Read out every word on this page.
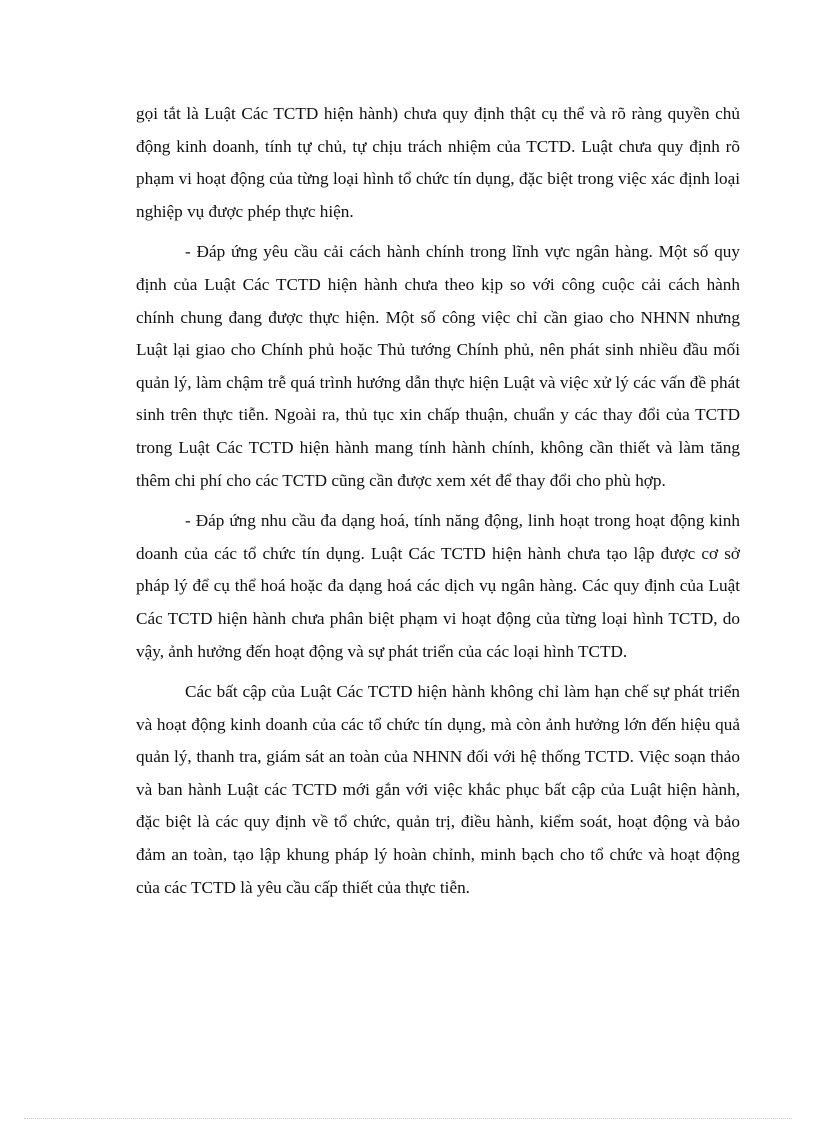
gọi tắt là Luật Các TCTD hiện hành) chưa quy định thật cụ thể và rõ ràng quyền chủ động kinh doanh, tính tự chủ, tự chịu trách nhiệm của TCTD. Luật chưa quy định rõ phạm vi hoạt động của từng loại hình tổ chức tín dụng, đặc biệt trong việc xác định loại nghiệp vụ được phép thực hiện.

- Đáp ứng yêu cầu cải cách hành chính trong lĩnh vực ngân hàng. Một số quy định của Luật Các TCTD hiện hành chưa theo kịp so với công cuộc cải cách hành chính chung đang được thực hiện. Một số công việc chỉ cần giao cho NHNN nhưng Luật lại giao cho Chính phủ hoặc Thủ tướng Chính phủ, nên phát sinh nhiều đầu mối quản lý, làm chậm trễ quá trình hướng dẫn thực hiện Luật và việc xử lý các vấn đề phát sinh trên thực tiễn. Ngoài ra, thủ tục xin chấp thuận, chuẩn y các thay đổi của TCTD trong Luật Các TCTD hiện hành mang tính hành chính, không cần thiết và làm tăng thêm chi phí cho các TCTD cũng cần được xem xét để thay đổi cho phù hợp.

- Đáp ứng nhu cầu đa dạng hoá, tính năng động, linh hoạt trong hoạt động kinh doanh của các tổ chức tín dụng. Luật Các TCTD hiện hành chưa tạo lập được cơ sở pháp lý để cụ thể hoá hoặc đa dạng hoá các dịch vụ ngân hàng. Các quy định của Luật Các TCTD hiện hành chưa phân biệt phạm vi hoạt động của từng loại hình TCTD, do vậy, ảnh hưởng đến hoạt động và sự phát triển của các loại hình TCTD.

Các bất cập của Luật Các TCTD hiện hành không chỉ làm hạn chế sự phát triển và hoạt động kinh doanh của các tổ chức tín dụng, mà còn ảnh hưởng lớn đến hiệu quả quản lý, thanh tra, giám sát an toàn của NHNN đối với hệ thống TCTD. Việc soạn thảo và ban hành Luật các TCTD mới gắn với việc khắc phục bất cập của Luật hiện hành, đặc biệt là các quy định về tổ chức, quản trị, điều hành, kiểm soát, hoạt động và bảo đảm an toàn, tạo lập khung pháp lý hoàn chỉnh, minh bạch cho tổ chức và hoạt động của các TCTD là yêu cầu cấp thiết của thực tiễn.
